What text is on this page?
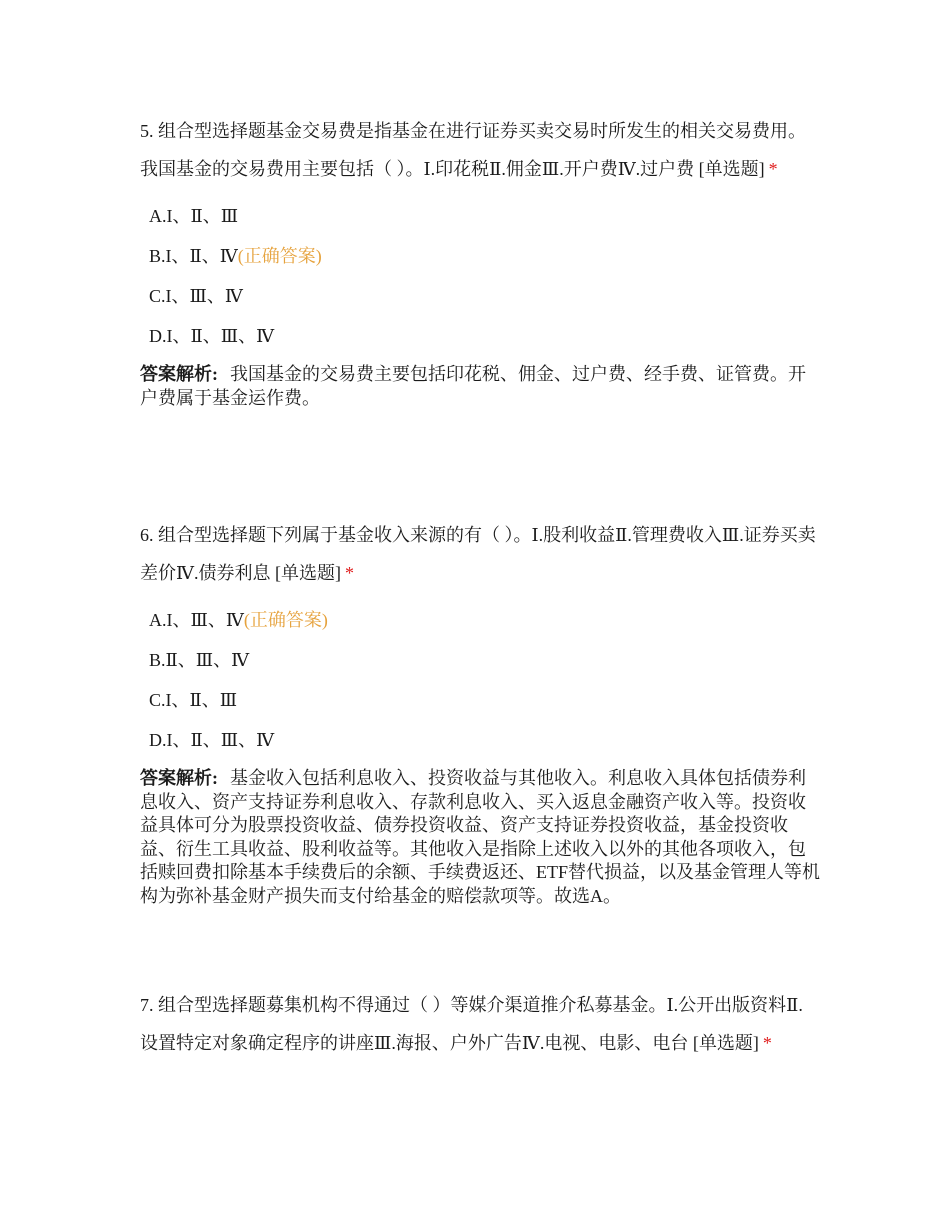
5. 组合型选择题基金交易费是指基金在进行证券买卖交易时所发生的相关交易费用。我国基金的交易费用主要包括（ ）。Ⅰ.印花税Ⅱ.佣金Ⅲ.开户费Ⅳ.过户费 [单选题] *

A.I、Ⅱ、Ⅲ
B.I、Ⅱ、Ⅳ(正确答案)
C.I、Ⅲ、Ⅳ
D.I、Ⅱ、Ⅲ、Ⅳ
答案解析: 我国基金的交易费主要包括印花税、佣金、过户费、经手费、证管费。开户费属于基金运作费。

6. 组合型选择题下列属于基金收入来源的有（ ）。Ⅰ.股利收益Ⅱ.管理费收入Ⅲ.证券买卖差价Ⅳ.债券利息 [单选题] *

A.I、Ⅲ、Ⅳ(正确答案)
B.Ⅱ、Ⅲ、Ⅳ
C.I、Ⅱ、Ⅲ
D.I、Ⅱ、Ⅲ、Ⅳ
答案解析: 基金收入包括利息收入、投资收益与其他收入。利息收入具体包括债券利息收入、资产支持证券利息收入、存款利息收入、买入返息金融资产收入等。投资收益具体可分为股票投资收益、债券投资收益、资产支持证券投资收益，基金投资收益、衍生工具收益、股利收益等。其他收入是指除上述收入以外的其他各项收入，包括赎回费扣除基本手续费后的余额、手续费返还、ETF替代损益，以及基金管理人等机构为弥补基金财产损失而支付给基金的赔偿款项等。故选A。

7. 组合型选择题募集机构不得通过（ ）等媒介渠道推介私募基金。Ⅰ.公开出版资料Ⅱ.设置特定对象确定程序的讲座Ⅲ.海报、户外广告Ⅳ.电视、电影、电台 [单选题] *
